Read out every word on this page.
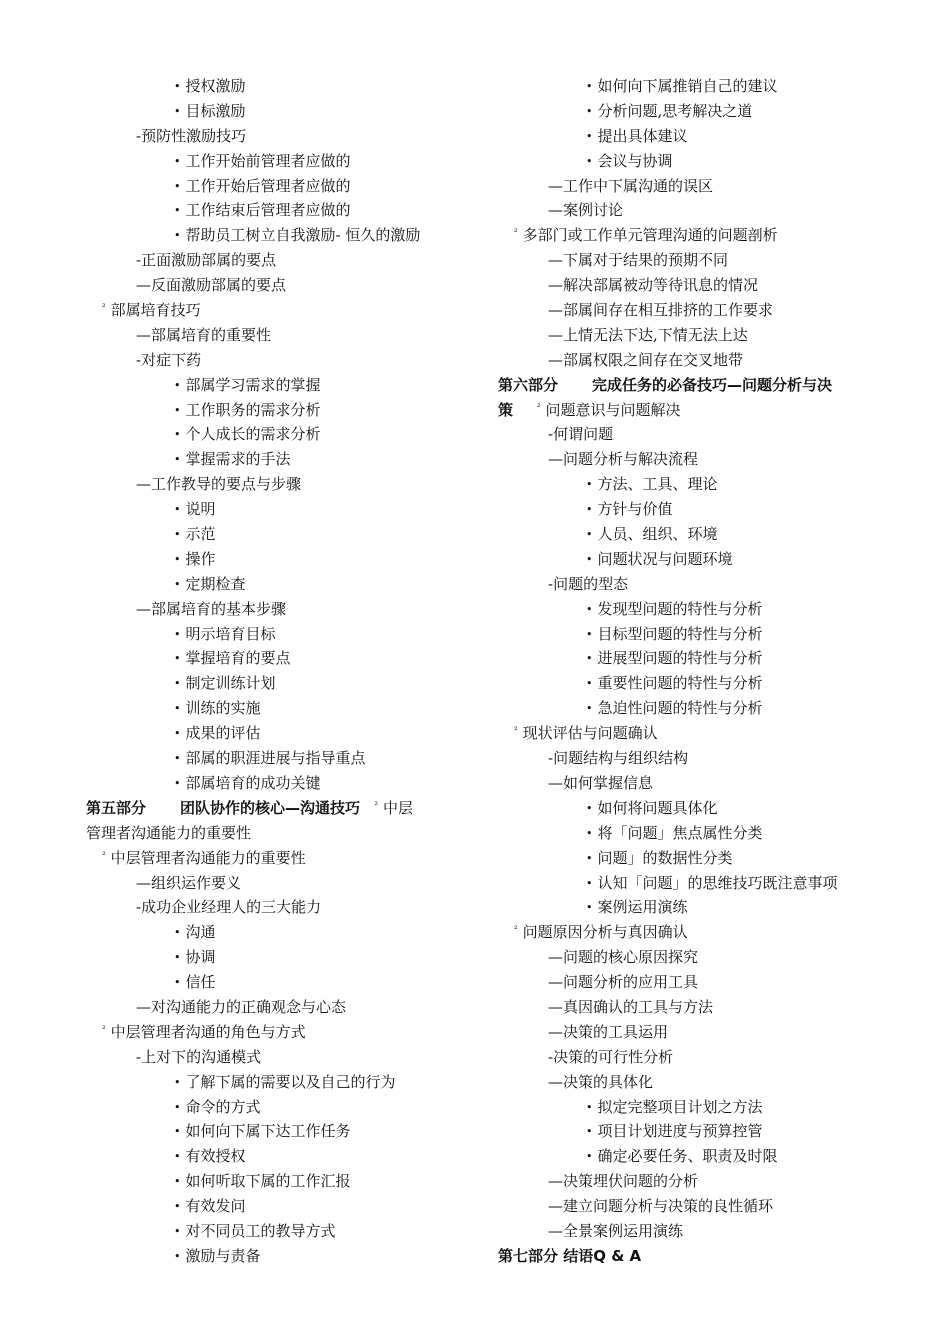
• 授权激励
• 目标激励
-预防性激励技巧
• 工作开始前管理者应做的
• 工作开始后管理者应做的
• 工作结束后管理者应做的
• 帮助员工树立自我激励- 恒久的激励
-正面激励部属的要点
—反面激励部属的要点
$^{^2}$ 部属培育技巧
—部属培育的重要性
-对症下药
• 部属学习需求的掌握
• 工作职务的需求分析
• 个人成长的需求分析
• 掌握需求的手法
—工作教导的要点与步骤
• 说明
• 示范
• 操作
• 定期检查
—部属培育的基本步骤
• 明示培育目标
• 掌握培育的要点
• 制定训练计划
• 训练的实施
• 成果的评估
• 部属的职涯进展与指导重点
• 部属培育的成功关键
第五部分 团队协作的核心—沟通技巧 $^{^2}$ 中层
管理者沟通能力的重要性
$^{^2}$ 中层管理者沟通能力的重要性
—组织运作要义
-成功企业经理人的三大能力
• 沟通
• 协调
• 信任
—对沟通能力的正确观念与心态
$^{^2}$ 中层管理者沟通的角色与方式
-上对下的沟通模式
• 了解下属的需要以及自己的行为
• 命令的方式
• 如何向下属下达工作任务
• 有效授权
• 如何听取下属的工作汇报
• 有效发问
• 对不同员工的教导方式
• 激励与责备
• 如何向下属推销自己的建议
• 分析问题,思考解决之道
• 提出具体建议
• 会议与协调
—工作中下属沟通的误区
—案例讨论
$^{^2}$ 多部门或工作单元管理沟通的问题剖析
—下属对于结果的预期不同
—解决部属被动等待讯息的情况
—部属间存在相互排挤的工作要求
—上情无法下达,下情无法上达
—部属权限之间存在交叉地带
第六部分 完成任务的必备技巧—问题分析与决
策	$^{^2}$ 问题意识与问题解决
-何谓问题
—问题分析与解决流程
• 方法、工具、理论
• 方针与价值
• 人员、组织、环境
• 问题状况与问题环境
-问题的型态
• 发现型问题的特性与分析
• 目标型问题的特性与分析
• 进展型问题的特性与分析
• 重要性问题的特性与分析
• 急迫性问题的特性与分析
$^{^2}$ 现状评估与问题确认
-问题结构与组织结构
—如何掌握信息
• 如何将问题具体化
• 将「问题」焦点属性分类
• 问题」的数据性分类
• 认知「问题」的思维技巧既注意事项
• 案例运用演练
$^{^2}$ 问题原因分析与真因确认
—问题的核心原因探究
—问题分析的应用工具
—真因确认的工具与方法
—决策的工具运用
-决策的可行性分析
—决策的具体化
• 拟定完整项目计划之方法
• 项目计划进度与预算控管
• 确定必要任务、职责及时限
—决策埋伏问题的分析
—建立问题分析与决策的良性循环
—全景案例运用演练
第七部分 结语Q & A
